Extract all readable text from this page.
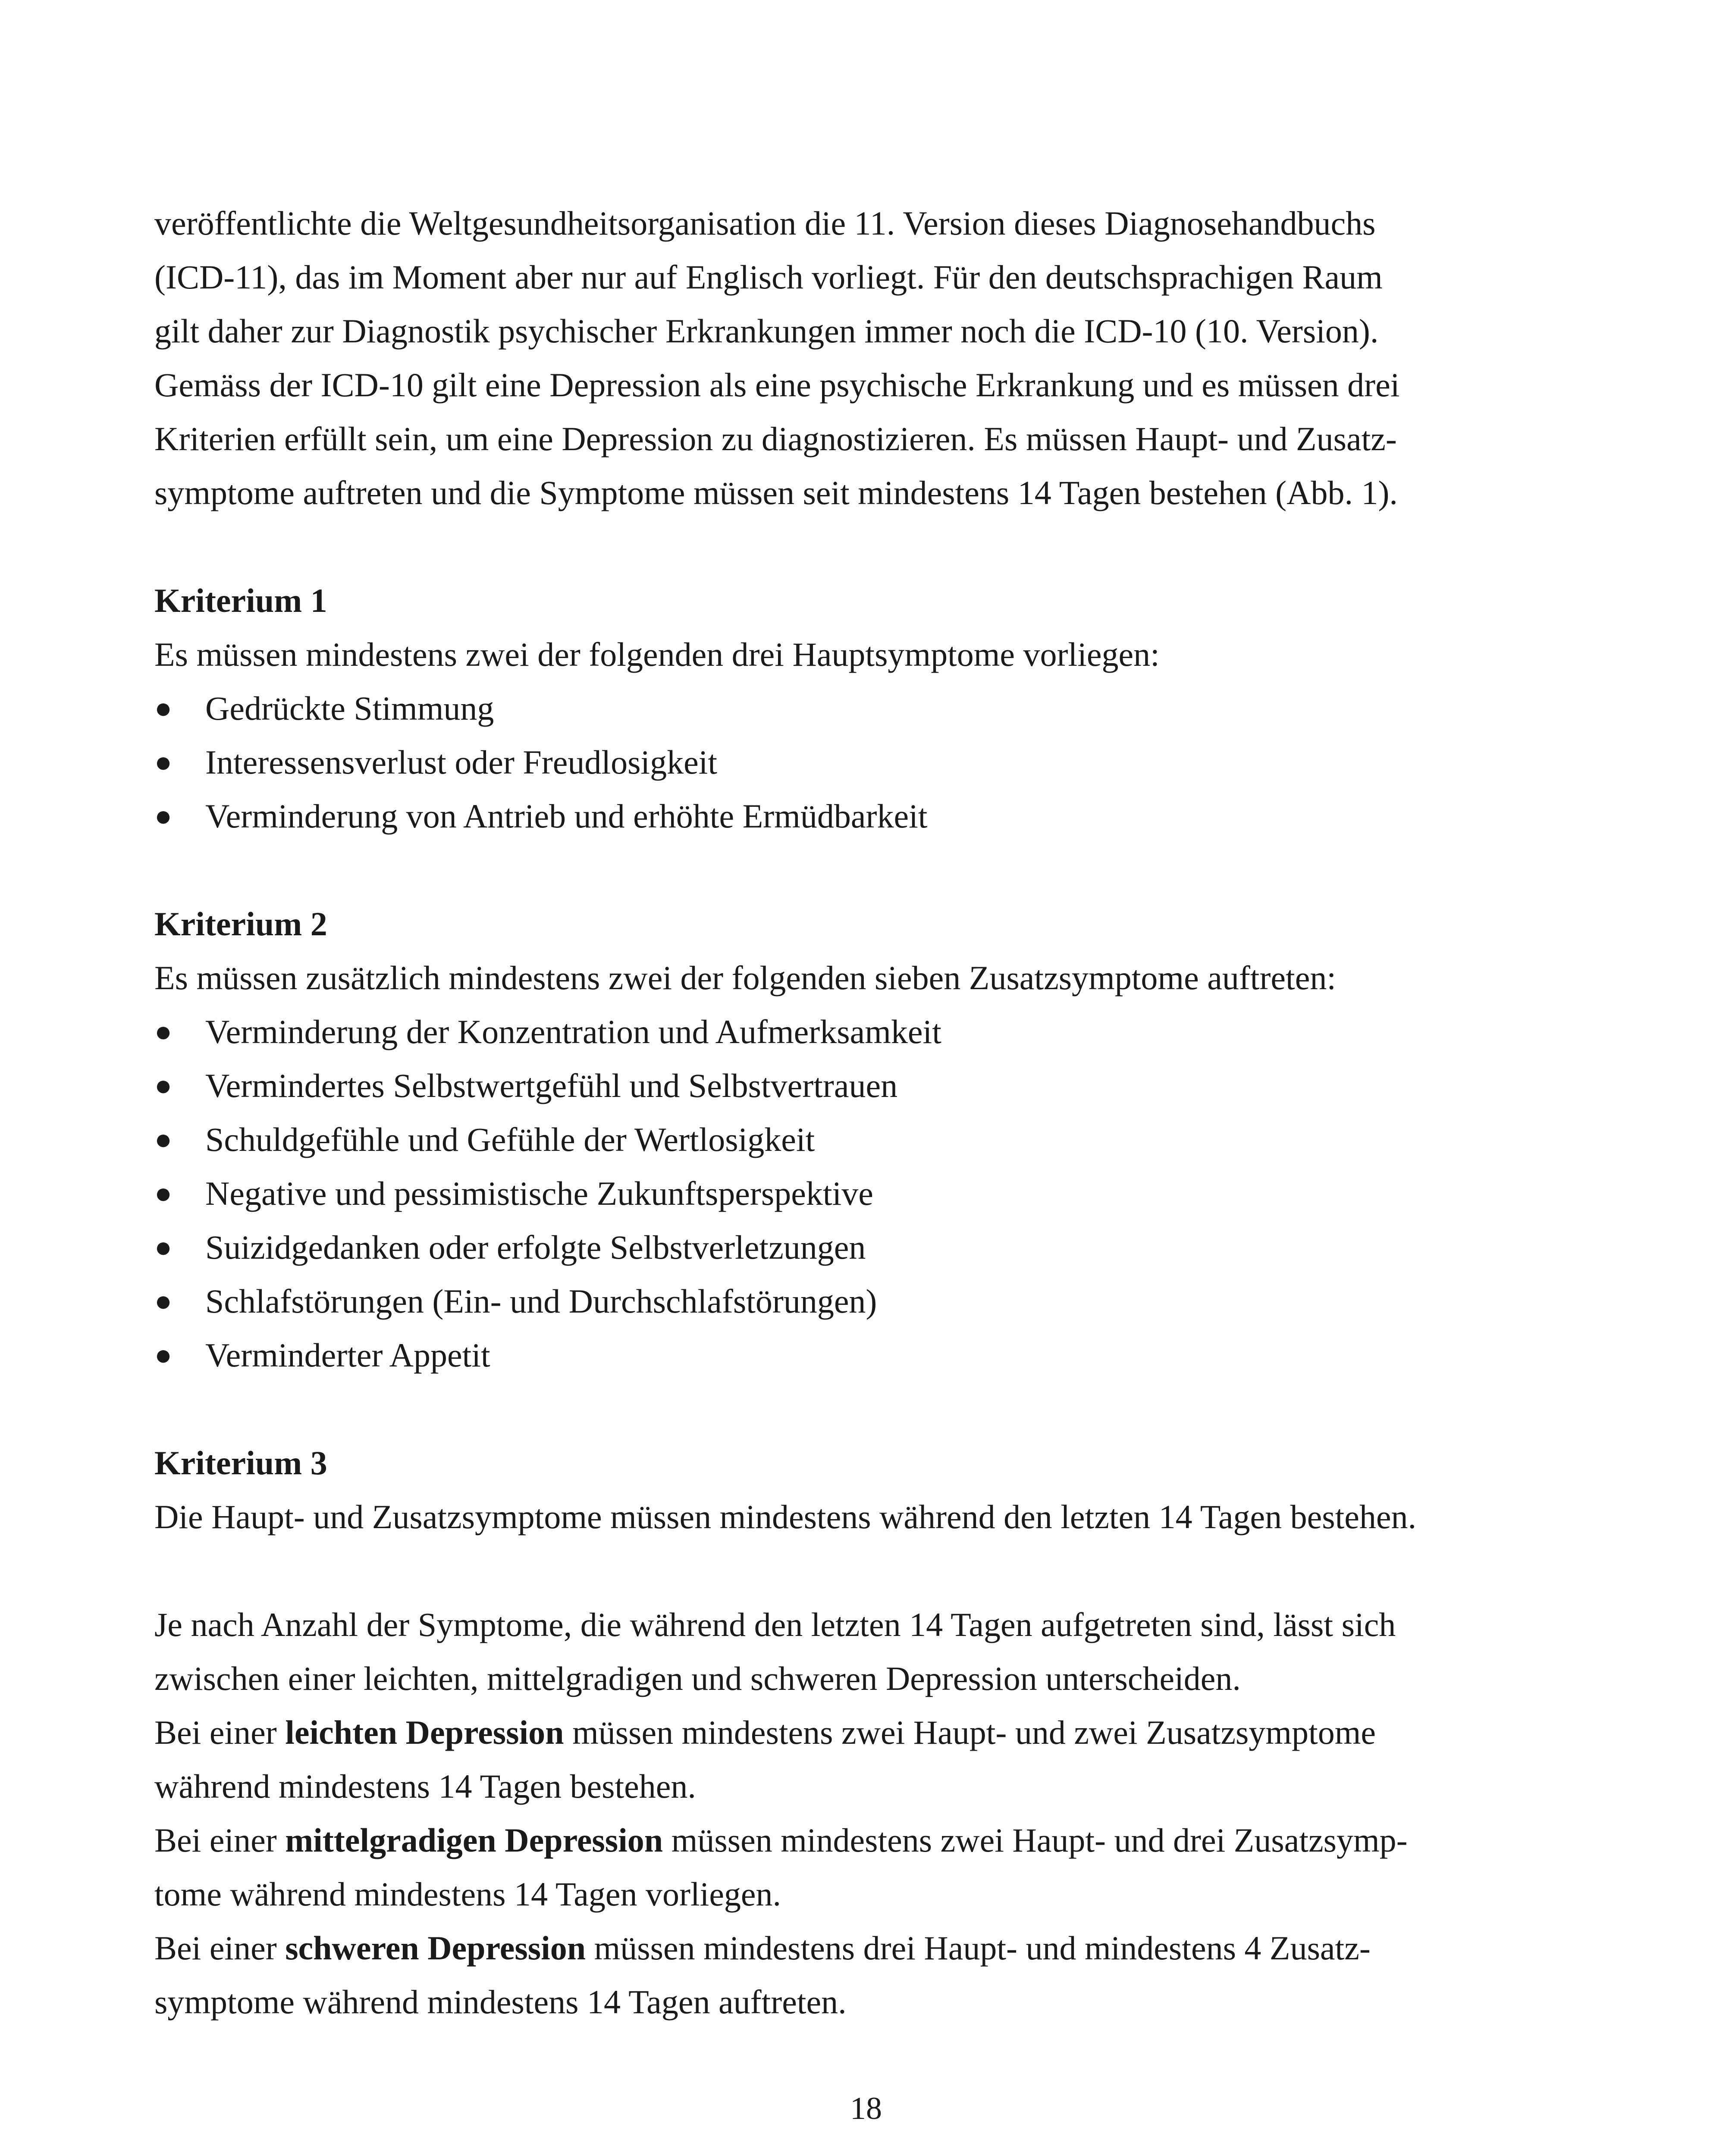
veröffentlichte die Weltgesundheitsorganisation die 11. Version dieses Diagnosehandbuchs

(ICD-11), das im Moment aber nur auf Englisch vorliegt. Für den deutschsprachigen Raum

gilt daher zur Diagnostik psychischer Erkrankungen immer noch die ICD-10 (10. Version).

Gemäss der ICD-10 gilt eine Depression als eine psychische Erkrankung und es müssen drei

Kriterien erfüllt sein, um eine Depression zu diagnostizieren. Es müssen Haupt- und Zusatz-

symptome auftreten und die Symptome müssen seit mindestens 14 Tagen bestehen (Abb. 1).

Kriterium 1

Es müssen mindestens zwei der folgenden drei Hauptsymptome vorliegen:

● Gedrückte Stimmung
● Interessensverlust oder Freudlosigkeit
● Verminderung von Antrieb und erhöhte Ermüdbarkeit
Kriterium 2

Es müssen zusätzlich mindestens zwei der folgenden sieben Zusatzsymptome auftreten:

● Verminderung der Konzentration und Aufmerksamkeit
● Vermindertes Selbstwertgefühl und Selbstvertrauen
● Schuldgefühle und Gefühle der Wertlosigkeit
● Negative und pessimistische Zukunftsperspektive
● Suizidgedanken oder erfolgte Selbstverletzungen
● Schlafstörungen (Ein- und Durchschlafstörungen)
● Verminderter Appetit
Kriterium 3

Die Haupt- und Zusatzsymptome müssen mindestens während den letzten 14 Tagen bestehen.

Je nach Anzahl der Symptome, die während den letzten 14 Tagen aufgetreten sind, lässt sich

zwischen einer leichten, mittelgradigen und schweren Depression unterscheiden.

Bei einer leichten Depression müssen mindestens zwei Haupt- und zwei Zusatzsymptome

während mindestens 14 Tagen bestehen.

Bei einer mittelgradigen Depression müssen mindestens zwei Haupt- und drei Zusatzsymp-

tome während mindestens 14 Tagen vorliegen.

Bei einer schweren Depression müssen mindestens drei Haupt- und mindestens 4 Zusatz-

symptome während mindestens 14 Tagen auftreten.

18
